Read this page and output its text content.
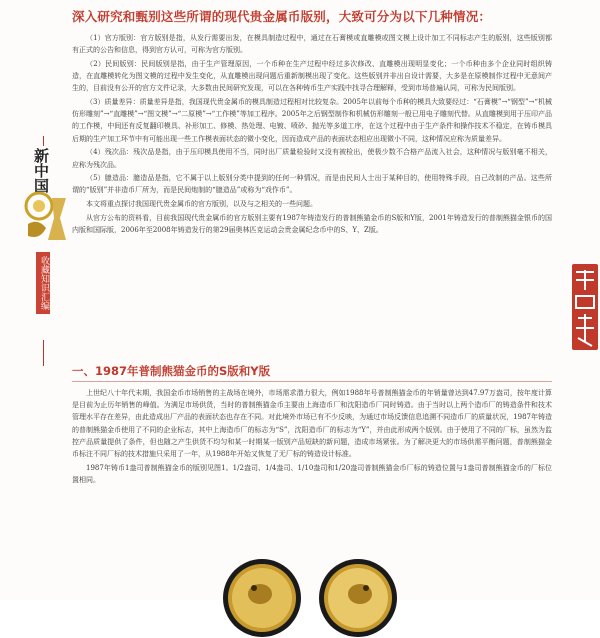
深入研究和甄别这些所谓的现代贵金属币版别，大致可分为以下几种情况：

（1）官方版别：官方版别是指，从发行需要出发，在模具制造过程中，通过在石膏模或直雕模或图文模上设计加工不同标志产生的版别，这些版别都有正式的公告和信息，得到官方认可，可称为官方版别。

（2）民间版别：民间版别是指，由于生产管理原因，一个币种在生产过程中经过多次修改、直雕模出现明显变化；一个币种由多个企业同时组织铸造，在直雕模转化为图文模的过程中发生变化，从直雕模出现问题后重新制模出现了变化。这些版别并非出自设计需要，大多是在原模制作过程中无意间产生的，目前没有公开的官方文件记录，大多数由民间研究发现，可以在各种铸币生产实践中找寻合理解释，受到市场普遍认同，可称为民间版别。

（3）质量差异：质量差异是指，我国现代贵金属币的模具制造过程相对比较复杂。2005年以前每个币种的模具大致要经过：“石膏模”→“钢型”→“机械仿形雕刻”→“直雕模”→“图文模”→“二原模”→“工作模”等加工程序。2005年之后钢型制作和机械仿形雕刻一般已用电子雕刻代替。从直雕模到用于压印产品的工作模，中间还有反复翻印模具、补形加工、修模、热处理、电镀、喷砂、抛光等多道工序，在这个过程中由于生产条件和操作技术不稳定，在铸币模具后期的生产加工环节中有可能出现一些工作模表面状态的微小变化，因而造成产品的表面状态相应出现微小不同，这种情况应称为质量差异。

（4）残次品：残次品是指，由于压印模具使用不当，同时出厂质量检验时又没有被检出，使极少数不合格产品流入社会，这种情况与版别毫不相关，应称为残次品。

（5）臆造品：臆造品是指，它不属于以上版别分类中提到的任何一种情况，而是由民间人士出于某种目的，使用特殊手段，自己改制的产品。这些所谓的“版别”并非造币厂所为，而是民间炮制的“臆造品”或称为“戏作币”。

本文将重点探讨我国现代贵金属币的官方版别，以及与之相关的一些问题。

从官方公布的资料看，目前我国现代贵金属币的官方版别主要有1987年铸造发行的普制熊猫金币的S版和Y版，2001年铸造发行的普制熊猫金银币的国内版和国际版，2006年至2008年铸造发行的第29届奥林匹克运动会贵金属纪念币中的S、Y、Z版。

一、1987年普制熊猫金币的S版和Y版

上世纪八十年代末期，我国金币市场销售的主战场在境外，市场需求潜力很大，例如1988年号普制熊猫金币的年销量曾达到47.97万盎司，按年度计算是目前为止历年销售的峰值。为满足市场供货，当时的普制熊猫金币主要由上海造币厂和沈阳造币厂同时铸造。由于当时以上两个造币厂的铸造条件和技术管理水平存在差异，由此造成出厂产品的表面状态也存在不同。对此境外市场已有不少反映，为通过市场反馈信息追溯不同造币厂的质量状况，1987年铸造的普制熊猫金币使用了不同的企业标志，其中上海造币厂的标志为“S”，沈阳造币厂的标志为“Y”，并由此形成两个版别。由于使用了不同的厂标，虽然为监控产品质量提供了条件，但也随之产生供货不均匀和某一时期某一版别产品短缺的新问题，造成市场紧张。为了解决更大的市场供需平衡问题，普制熊猫金币标注不同厂标的技术措施只采用了一年，从1988年开始又恢复了无厂标的铸造设计标准。

1987年铸币1盎司普制熊猫金币的版别见图1。1/2盎司、1/4盎司、1/10盎司和1/20盎司普制熊猫金币厂标的铸造位置与1盎司普制熊猫金币的厂标位置相同。

新中国
收藏知识汇编
